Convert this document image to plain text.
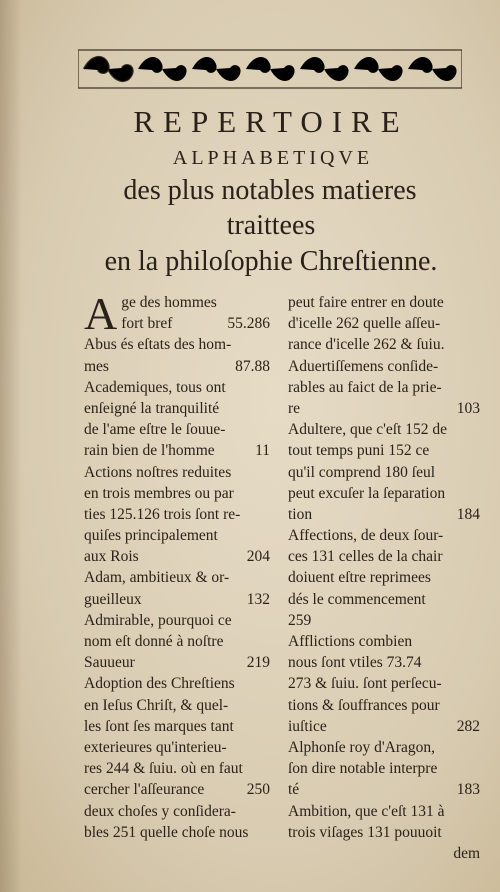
REPERTOIRE
ALPHABETIQVE
des plus notables matieres
traittees
en la philoſophie Chreſtienne.
A ge des hommes
fort bref	55.286
Abus és eſtats des hom-
mes	87.88
Academiques, tous ont
enſeigné la tranquilité
de l'ame eſtre le ſouue-
rain bien de l'homme	11
Actions noſtres reduites
en trois membres ou par
ties 125.126 trois ſont re-
quiſes principalement
aux Rois	204
Adam, ambitieux & or-
gueilleux	132
Admirable, pourquoi ce
nom eſt donné à noſtre
Sauueur	219
Adoption des Chreſtiens
en Ieſus Chriſt, & quel-
les ſont ſes marques tant
exterieures qu'interieu-
res 244 & ſuiu. où en faut
cercher l'aſſeurance	250
deux choſes y conſidera-
bles 251 quelle choſe nous
peut faire entrer en doute
d'icelle 262 quelle aſſeu-
rance d'icelle 262 & ſuiu.
Aduertiſſemens conſide-
rables au faict de la prie-
re	103
Adultere, que c'eſt 152 de
tout temps puni 152 ce
qu'il comprend 180 ſeul
peut excuſer la ſeparation
tion	184
Affections, de deux ſour-
ces 131 celles de la chair
doiuent eſtre reprimees
dés le commencement
259
Afflictions combien
nous ſont vtiles 73.74
273 & ſuiu. ſont perſecu-
tions & ſouffrances pour
iuſtice	282
Alphonſe roy d'Aragon,
ſon dire notable interpre
té	183
Ambition, que c'eſt 131 à
trois viſages 131 pouuoit
dem
